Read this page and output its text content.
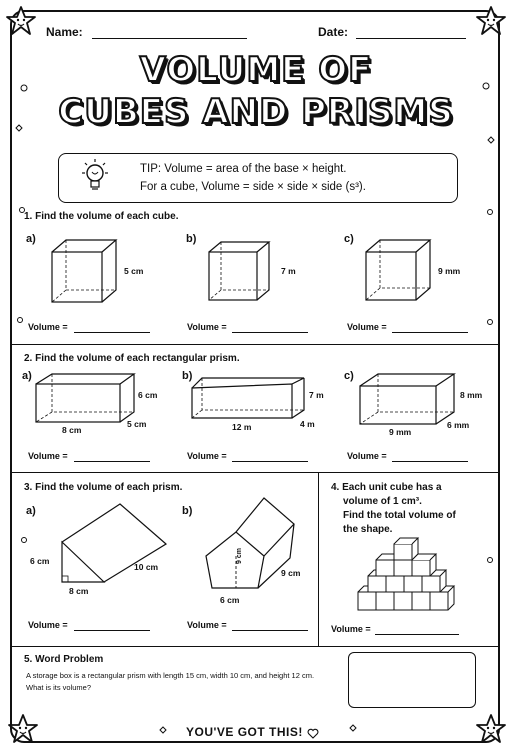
Name:	Date:
VOLUME OF
CUBES AND PRISMS
TIP: Volume = area of the base × height.
For a cube, Volume = side × side × side (s³).
1. Find the volume of each cube.
a)
5 cm
Volume =
b)
7 m
Volume =
c)
9 mm
Volume =
2. Find the volume of each rectangular prism.
a)
6 cm
8 cm
5 cm
Volume =
b)
7 m
12 m	4 m
Volume =
c)
8 mm
9 mm
6 mm
Volume =
3. Find the volume of each prism.
a)
6 cm
8 cm
10 cm
Volume =
b)
9 cm
6 cm
9 cm
Volume =
4. Each unit cube has a
volume of 1 cm³.
Find the total volume of
the shape.
Volume =
5. Word Problem
A storage box is a rectangular prism with length 15 cm, width 10 cm, and height 12 cm.
What is its volume?
YOU'VE GOT THIS!
